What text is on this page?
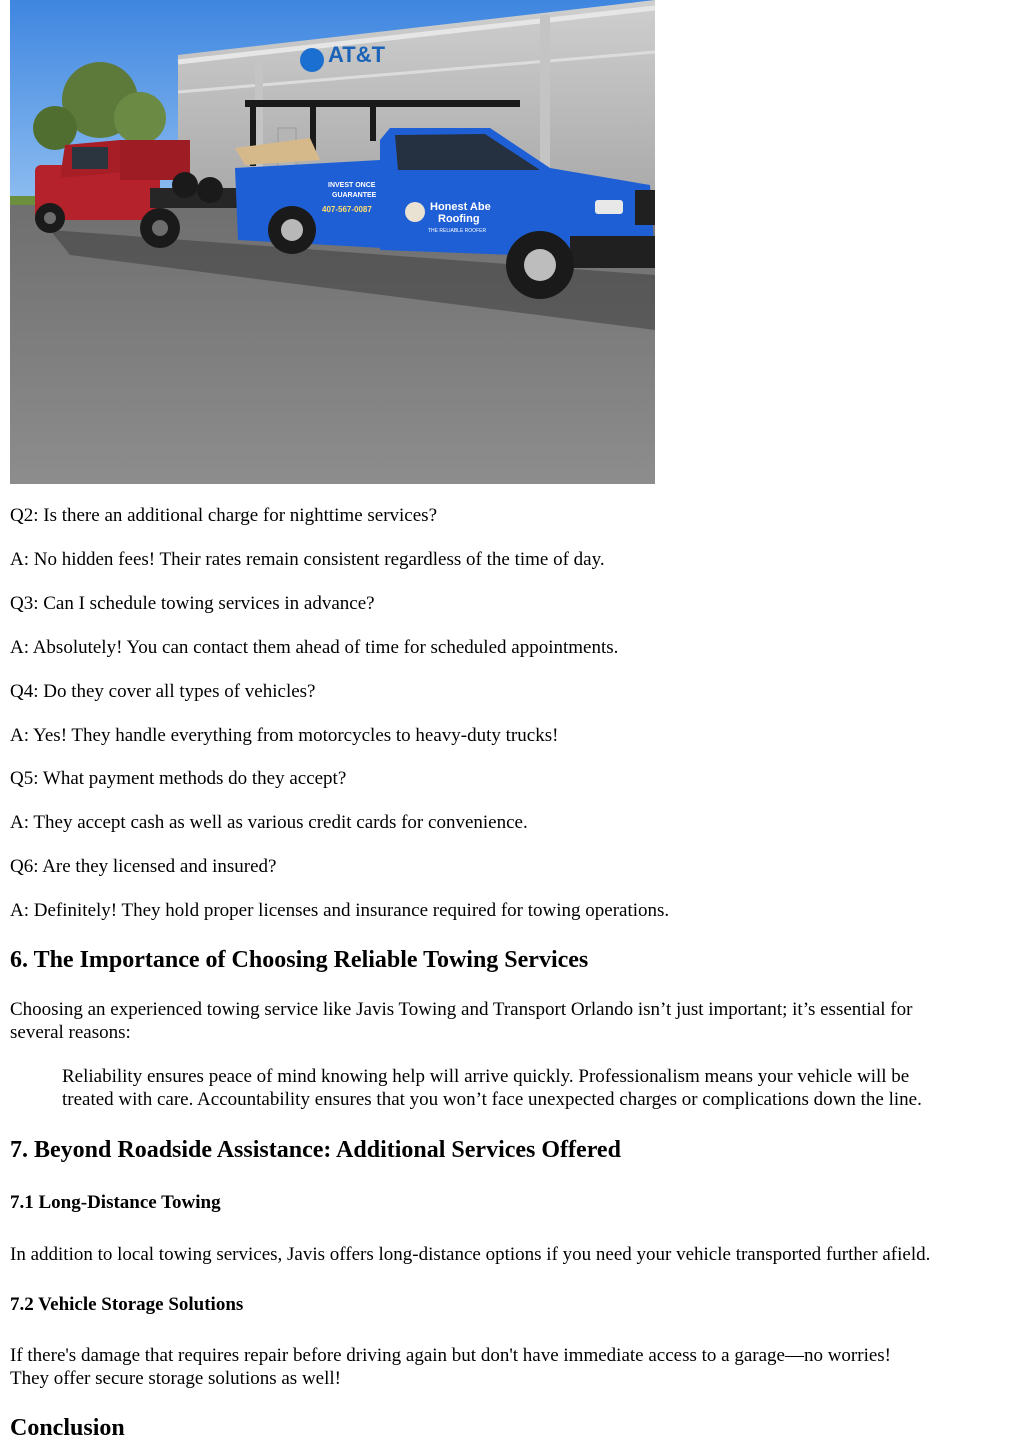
AT&T
INVEST ONCE
GUARANTEE
407-567-0087	Honest Abe
Roofing
THE RELIABLE ROOFER

Q2: Is there an additional charge for nighttime services?

A: No hidden fees! Their rates remain consistent regardless of the time of day.

Q3: Can I schedule towing services in advance?

A: Absolutely! You can contact them ahead of time for scheduled appointments.

Q4: Do they cover all types of vehicles?

A: Yes! They handle everything from motorcycles to heavy-duty trucks!

Q5: What payment methods do they accept?

A: They accept cash as well as various credit cards for convenience.

Q6: Are they licensed and insured?

A: Definitely! They hold proper licenses and insurance required for towing operations.

6. The Importance of Choosing Reliable Towing Services

Choosing an experienced towing service like Javis Towing and Transport Orlando isn’t just important; it’s essential for

several reasons:

Reliability ensures peace of mind knowing help will arrive quickly. Professionalism means your vehicle will be
treated with care. Accountability ensures that you won’t face unexpected charges or complications down the line.
7. Beyond Roadside Assistance: Additional Services Offered
7.1 Long-Distance Towing

In addition to local towing services, Javis offers long-distance options if you need your vehicle transported further afield.

7.2 Vehicle Storage Solutions

If there's damage that requires repair before driving again but don't have immediate access to a garage—no worries!

They offer secure storage solutions as well!

Conclusion
